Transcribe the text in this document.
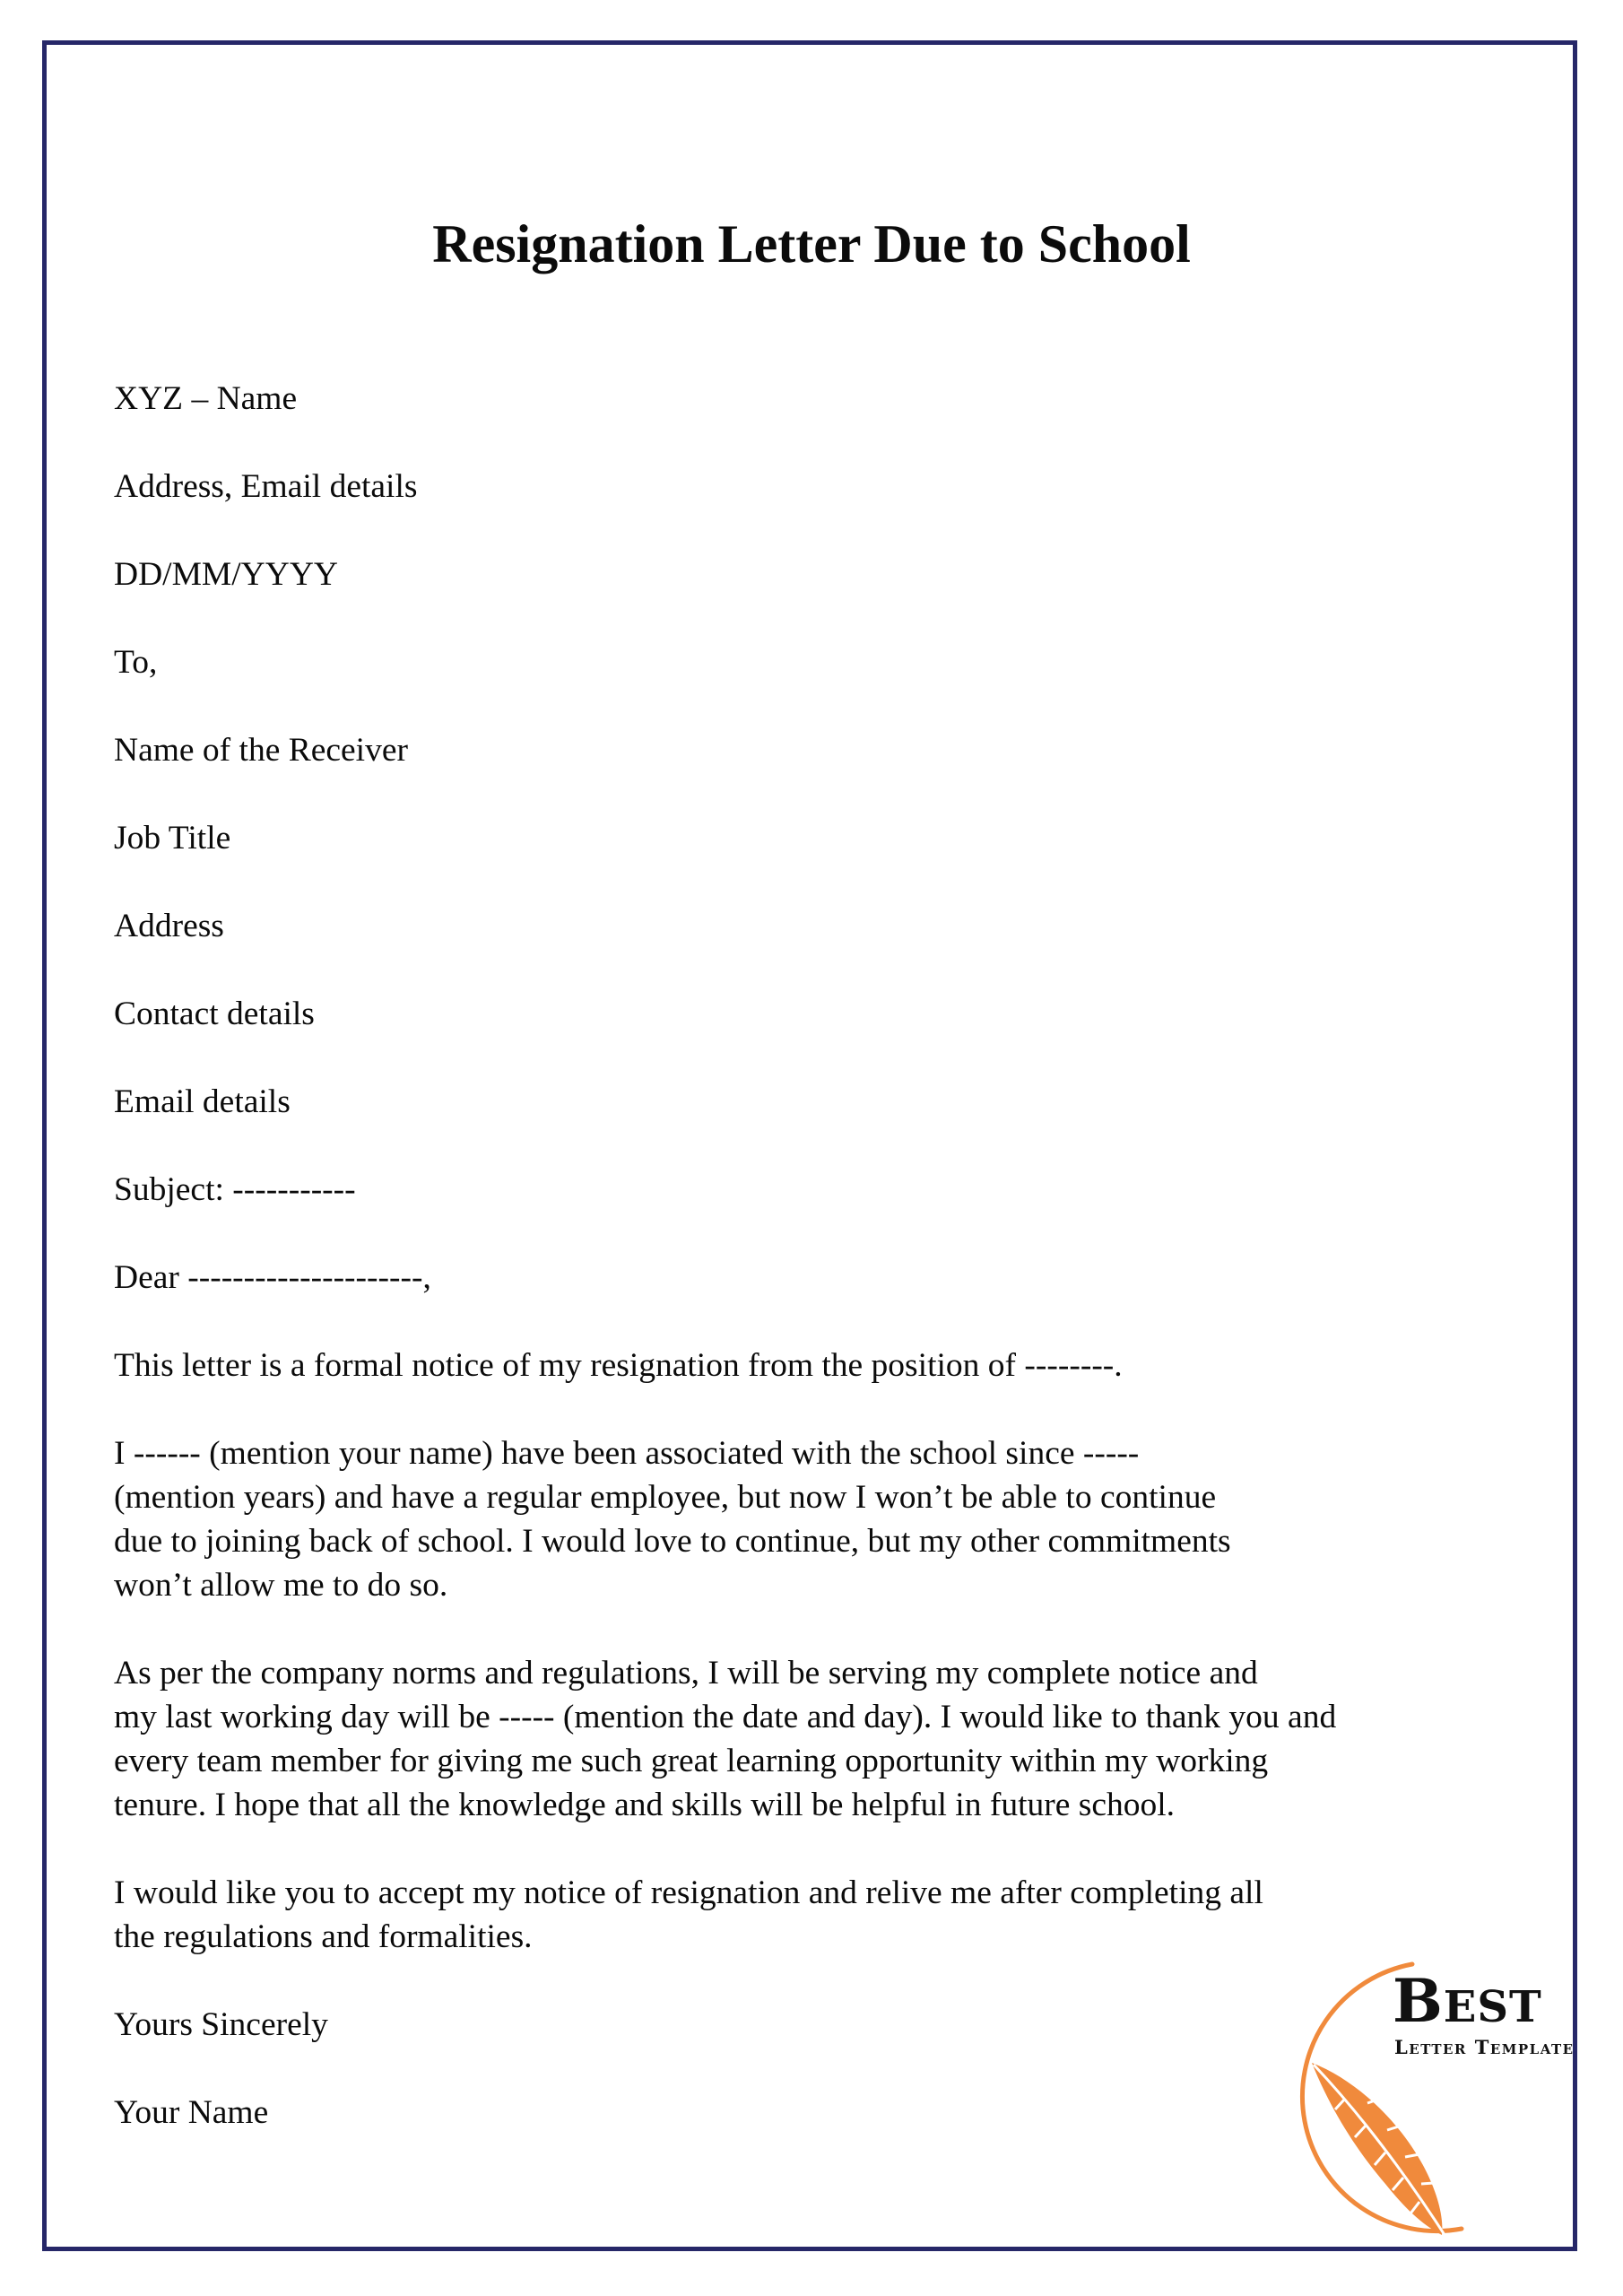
Resignation Letter Due to School

XYZ – Name

Address, Email details

DD/MM/YYYY

To,

Name of the Receiver

Job Title

Address

Contact details

Email details

Subject: -----------

Dear ---------------------,

This letter is a formal notice of my resignation from the position of --------.

I ------ (mention your name) have been associated with the school since -----
(mention years) and have a regular employee, but now I won’t be able to continue
due to joining back of school. I would love to continue, but my other commitments
won’t allow me to do so.

As per the company norms and regulations, I will be serving my complete notice and
my last working day will be ----- (mention the date and day). I would like to thank you and
every team member for giving me such great learning opportunity within my working
tenure. I hope that all the knowledge and skills will be helpful in future school.

I would like you to accept my notice of resignation and relive me after completing all
the regulations and formalities.

Yours Sincerely

Your Name

BEST
Letter Template
